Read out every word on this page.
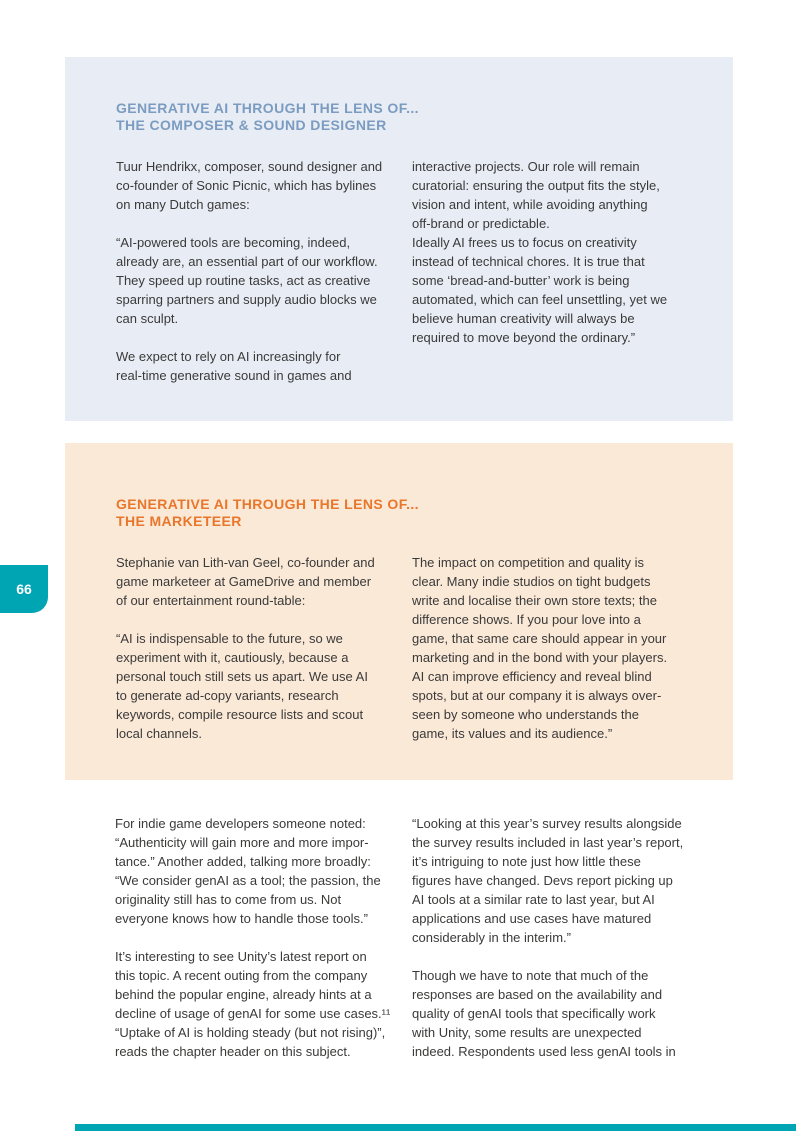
GENERATIVE AI THROUGH THE LENS OF...
THE COMPOSER & SOUND DESIGNER

Tuur Hendrikx, composer, sound designer and
co-founder of Sonic Picnic, which has bylines
on many Dutch games:

“AI-powered tools are becoming, indeed,
already are, an essential part of our workflow.
They speed up routine tasks, act as creative
sparring partners and supply audio blocks we
can sculpt.

We expect to rely on AI increasingly for
real-time generative sound in games and

interactive projects. Our role will remain
curatorial: ensuring the output fits the style,
vision and intent, while avoiding anything
off-brand or predictable.
Ideally AI frees us to focus on creativity
instead of technical chores. It is true that
some ‘bread-and-butter’ work is being
automated, which can feel unsettling, yet we
believe human creativity will always be
required to move beyond the ordinary.”

GENERATIVE AI THROUGH THE LENS OF...
THE MARKETEER

Stephanie van Lith-van Geel, co-founder and
game marketeer at GameDrive and member
of our entertainment round-table:

“AI is indispensable to the future, so we
experiment with it, cautiously, because a
personal touch still sets us apart. We use AI
to generate ad-copy variants, research
keywords, compile resource lists and scout
local channels.

The impact on competition and quality is
clear. Many indie studios on tight budgets
write and localise their own store texts; the
difference shows. If you pour love into a
game, that same care should appear in your
marketing and in the bond with your players.
AI can improve efficiency and reveal blind
spots, but at our company it is always over-
seen by someone who understands the
game, its values and its audience.”

66

For indie game developers someone noted:
“Authenticity will gain more and more impor-
tance.” Another added, talking more broadly:
“We consider genAI as a tool; the passion, the
originality still has to come from us. Not
everyone knows how to handle those tools.”

It’s interesting to see Unity’s latest report on
this topic. A recent outing from the company
behind the popular engine, already hints at a
decline of usage of genAI for some use cases.¹¹
“Uptake of AI is holding steady (but not rising)”,
reads the chapter header on this subject.

“Looking at this year’s survey results alongside
the survey results included in last year’s report,
it’s intriguing to note just how little these
figures have changed. Devs report picking up
AI tools at a similar rate to last year, but AI
applications and use cases have matured
considerably in the interim.”

Though we have to note that much of the
responses are based on the availability and
quality of genAI tools that specifically work
with Unity, some results are unexpected
indeed. Respondents used less genAI tools in
